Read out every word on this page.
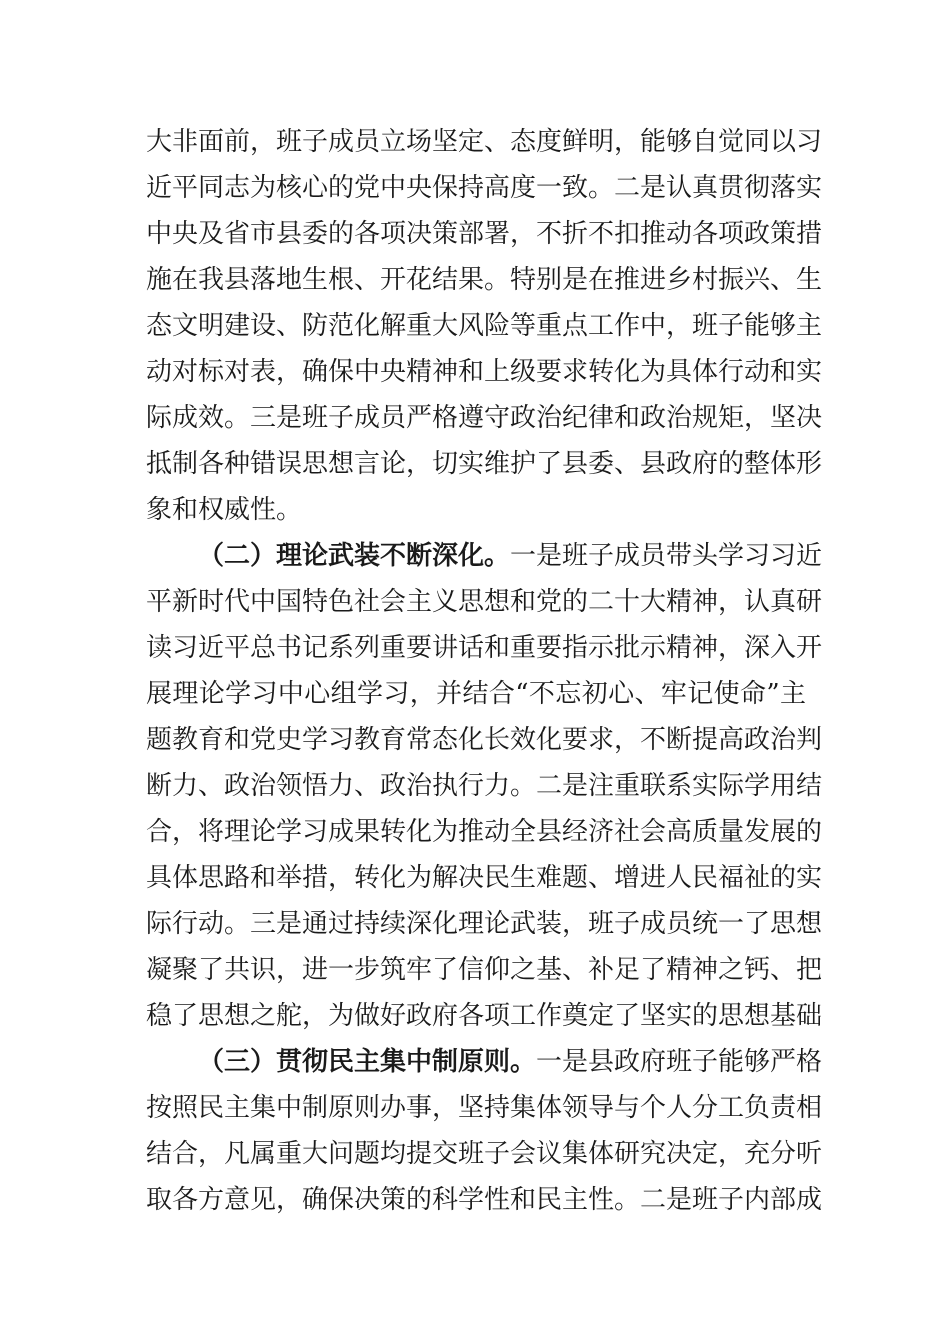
大非面前，班子成员立场坚定、态度鲜明，能够自觉同以习
近平同志为核心的党中央保持高度一致。二是认真贯彻落实
中央及省市县委的各项决策部署，不折不扣推动各项政策措
施在我县落地生根、开花结果。特别是在推进乡村振兴、生
态文明建设、防范化解重大风险等重点工作中，班子能够主
动对标对表，确保中央精神和上级要求转化为具体行动和实
际成效。三是班子成员严格遵守政治纪律和政治规矩，坚决
抵制各种错误思想言论，切实维护了县委、县政府的整体形
象和权威性。
（二）理论武装不断深化。一是班子成员带头学习习近
平新时代中国特色社会主义思想和党的二十大精神，认真研
读习近平总书记系列重要讲话和重要指示批示精神，深入开
展理论学习中心组学习，并结合“不忘初心、牢记使命”主
题教育和党史学习教育常态化长效化要求，不断提高政治判
断力、政治领悟力、政治执行力。二是注重联系实际学用结
合，将理论学习成果转化为推动全县经济社会高质量发展的
具体思路和举措，转化为解决民生难题、增进人民福祉的实
际行动。三是通过持续深化理论武装，班子成员统一了思想
凝聚了共识，进一步筑牢了信仰之基、补足了精神之钙、把
稳了思想之舵，为做好政府各项工作奠定了坚实的思想基础
（三）贯彻民主集中制原则。一是县政府班子能够严格
按照民主集中制原则办事，坚持集体领导与个人分工负责相
结合，凡属重大问题均提交班子会议集体研究决定，充分听
取各方意见，确保决策的科学性和民主性。二是班子内部成
